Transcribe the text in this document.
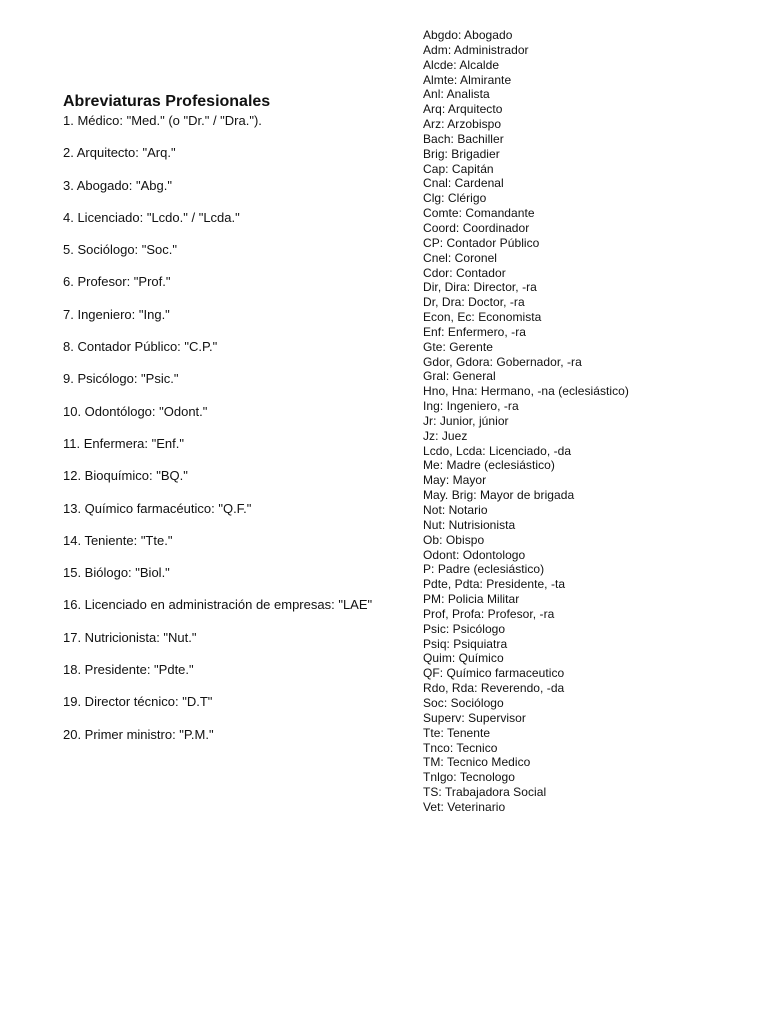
Abreviaturas Profesionales
1. Médico: "Med." (o "Dr." / "Dra.").
2. Arquitecto: "Arq."
3. Abogado: "Abg."
4. Licenciado: "Lcdo." / "Lcda."
5. Sociólogo: "Soc."
6. Profesor: "Prof."
7. Ingeniero: "Ing."
8. Contador Público: "C.P."
9. Psicólogo: "Psic."
10. Odontólogo: "Odont."
11. Enfermera: "Enf."
12. Bioquímico: "BQ."
13. Químico farmacéutico: "Q.F."
14. Teniente: "Tte."
15. Biólogo: "Biol."
16. Licenciado en administración de empresas: "LAE"
17. Nutricionista: "Nut."
18. Presidente: "Pdte."
19. Director técnico: "D.T"
20. Primer ministro: "P.M."
Abgdo: Abogado
Adm: Administrador
Alcde: Alcalde
Almte: Almirante
Anl: Analista
Arq: Arquitecto
Arz: Arzobispo
Bach: Bachiller
Brig: Brigadier
Cap: Capitán
Cnal: Cardenal
Clg: Clérigo
Comte: Comandante
Coord: Coordinador
CP: Contador Público
Cnel: Coronel
Cdor: Contador
Dir, Dira: Director, -ra
Dr, Dra: Doctor, -ra
Econ, Ec: Economista
Enf: Enfermero, -ra
Gte: Gerente
Gdor, Gdora: Gobernador, -ra
Gral: General
Hno, Hna: Hermano, -na (eclesiástico)
Ing: Ingeniero, -ra
Jr: Junior, júnior
Jz: Juez
Lcdo, Lcda: Licenciado, -da
Me: Madre (eclesiástico)
May: Mayor
May. Brig: Mayor de brigada
Not: Notario
Nut: Nutrisionista
Ob: Obispo
Odont: Odontologo
P: Padre (eclesiástico)
Pdte, Pdta: Presidente, -ta
PM: Policia Militar
Prof, Profa: Profesor, -ra
Psic: Psicólogo
Psiq: Psiquiatra
Quim: Químico
QF: Químico farmaceutico
Rdo, Rda: Reverendo, -da
Soc: Sociólogo
Superv: Supervisor
Tte: Tenente
Tnco: Tecnico
TM: Tecnico Medico
Tnlgo: Tecnologo
TS: Trabajadora Social
Vet: Veterinario
